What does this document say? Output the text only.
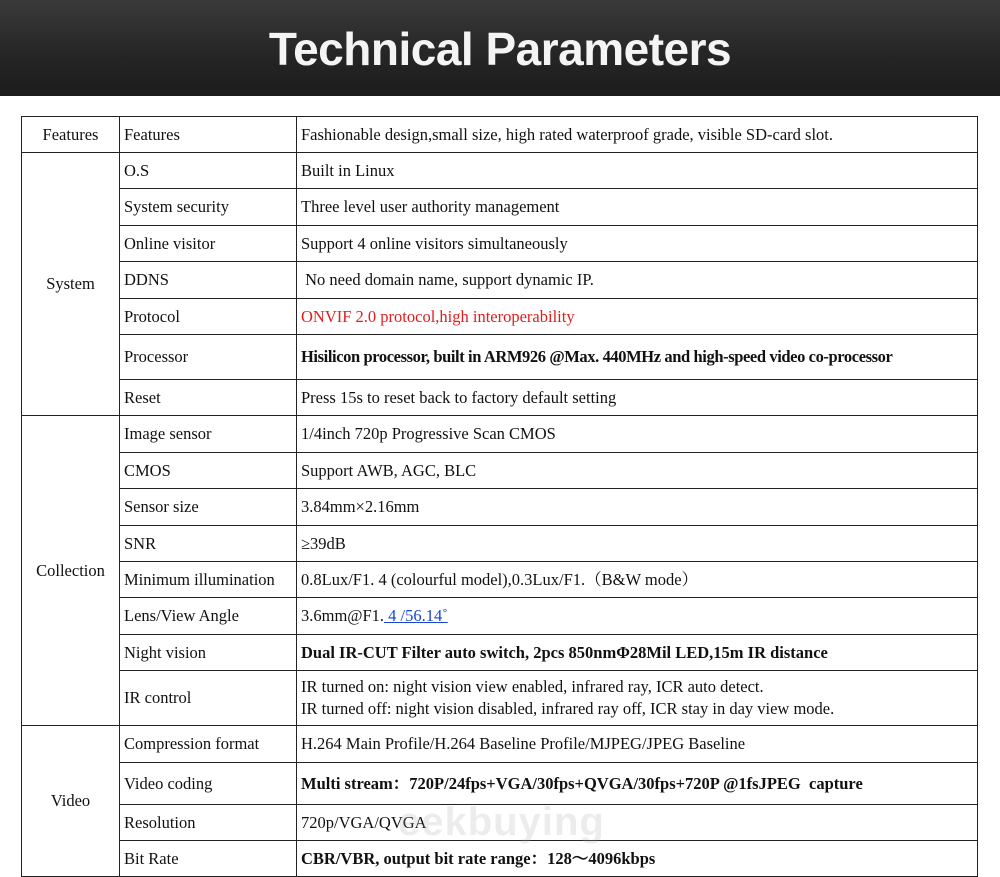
Technical Parameters
Features	Features	Fashionable design,small size, high rated waterproof grade, visible SD-card slot.
System	O.S	Built in Linux
	System security	Three level user authority management
	Online visitor	Support 4 online visitors simultaneously
	DDNS	No need domain name, support dynamic IP.
	Protocol	ONVIF 2.0 protocol,high interoperability
	Processor	Hisilicon processor, built in ARM926 @Max. 440MHz and high-speed video co-processor
	Reset	Press 15s to reset back to factory default setting
Collection	Image sensor	1/4inch 720p Progressive Scan CMOS
	CMOS	Support AWB, AGC, BLC
	Sensor size	3.84mm×2.16mm
	SNR	≥39dB
	Minimum illumination	0.8Lux/F1. 4 (colourful model),0.3Lux/F1.（B&W mode）
	Lens/View Angle	3.6mm@F1. 4 /56.14˚
	Night vision	Dual IR-CUT Filter auto switch, 2pcs 850nmΦ28Mil LED,15m IR distance
	IR control	IR turned on: night vision view enabled, infrared ray, ICR auto detect.
IR turned off: night vision disabled, infrared ray off, ICR stay in day view mode.

Video	Compression format	H.264 Main Profile/H.264 Baseline Profile/MJPEG/JPEG Baseline
	Video coding	Multi stream：720P/24fps+VGA/30fps+QVGA/30fps+720P @1fsJPEG  capture
	Resolution	720p/VGA/QVGA
	Bit Rate	CBR/VBR, output bit rate range：128～4096kbps
eekbuying
